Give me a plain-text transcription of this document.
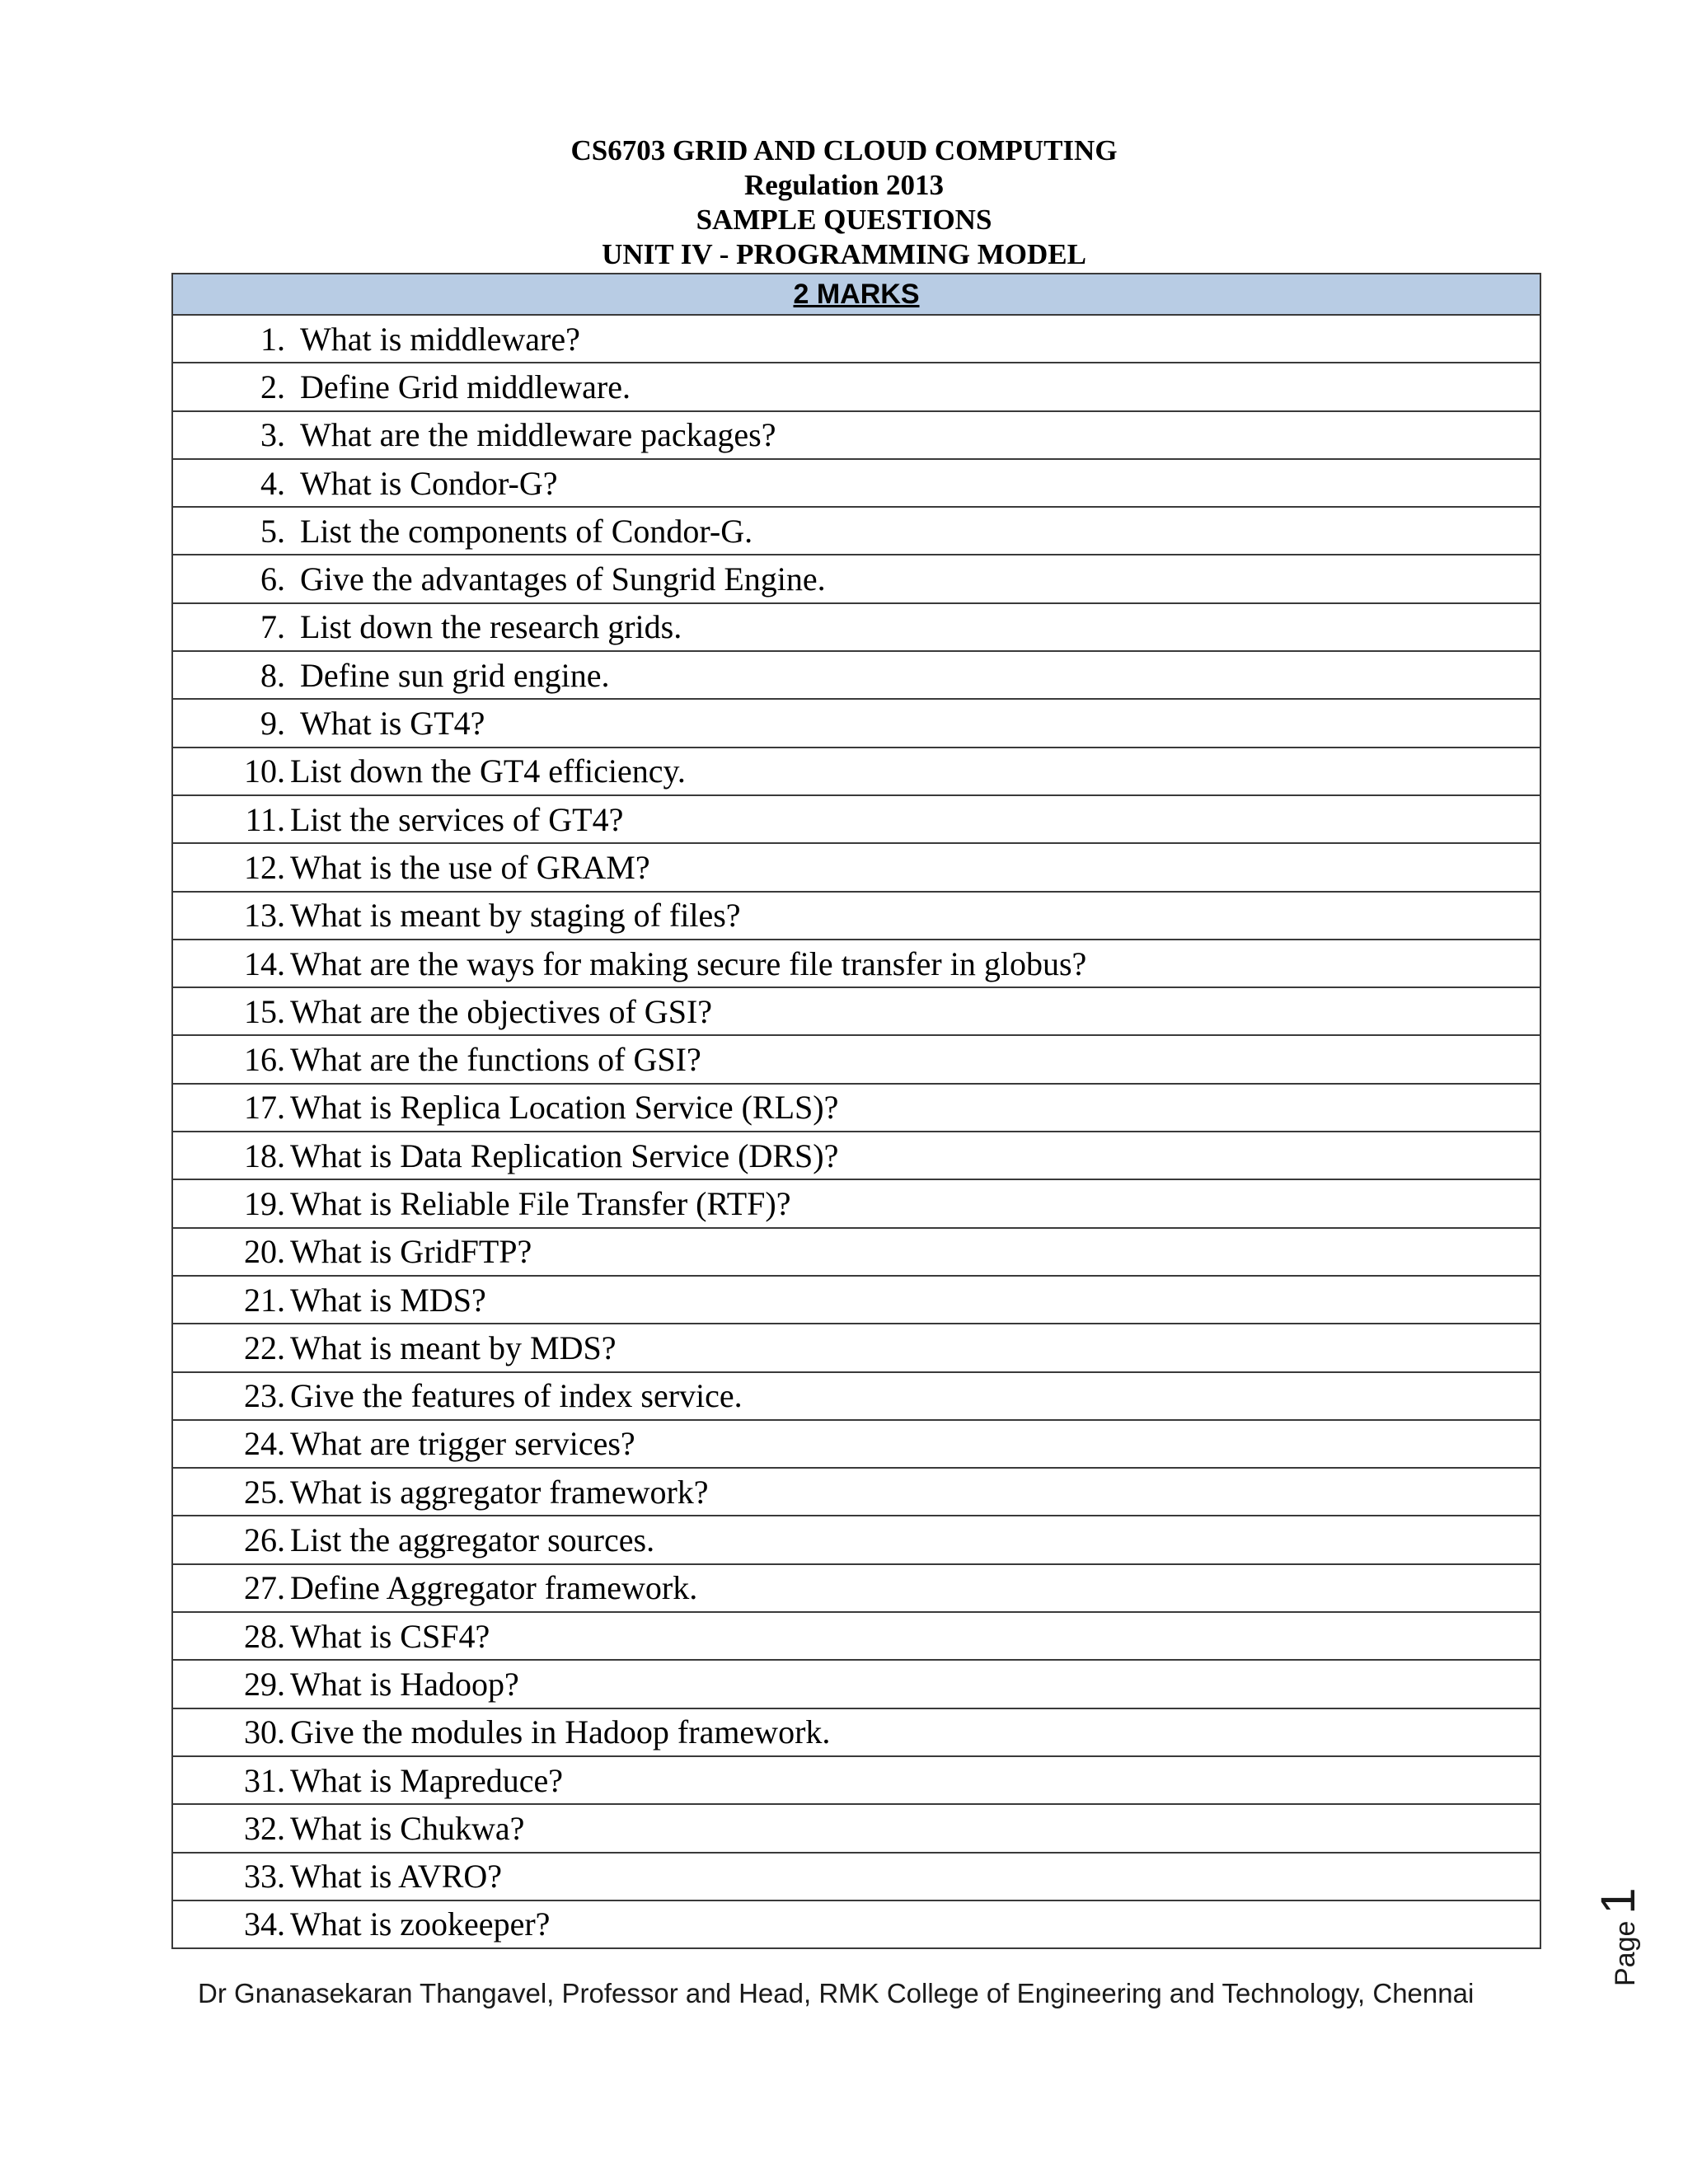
CS6703 GRID AND CLOUD COMPUTING
Regulation 2013
SAMPLE QUESTIONS
UNIT IV - PROGRAMMING MODEL
2 MARKS

1. What is middleware?

2. Define Grid middleware.

3. What are the middleware packages?

4. What is Condor-G?

5. List the components of Condor-G.

6. Give the advantages of Sungrid Engine.

7. List down the research grids.

8. Define sun grid engine.

9. What is GT4?

10. List down the GT4 efficiency.

11. List the services of GT4?

12. What is the use of GRAM?

13. What is meant by staging of files?

14. What are the ways for making secure file transfer in globus?

15. What are the objectives of GSI?

16. What are the functions of GSI?

17. What is Replica Location Service (RLS)?

18. What is Data Replication Service (DRS)?

19. What is Reliable File Transfer (RTF)?

20. What is GridFTP?

21. What is MDS?

22. What is meant by MDS?

23. Give the features of index service.

24. What are trigger services?

25. What is aggregator framework?

26. List the aggregator sources.

27. Define Aggregator framework.

28. What is CSF4?

29. What is Hadoop?

30. Give the modules in Hadoop framework.

31. What is Mapreduce?

32. What is Chukwa?

33. What is AVRO?

34. What is zookeeper?
Dr Gnanasekaran Thangavel, Professor and Head, RMK College of Engineering and Technology, Chennai
Page1
